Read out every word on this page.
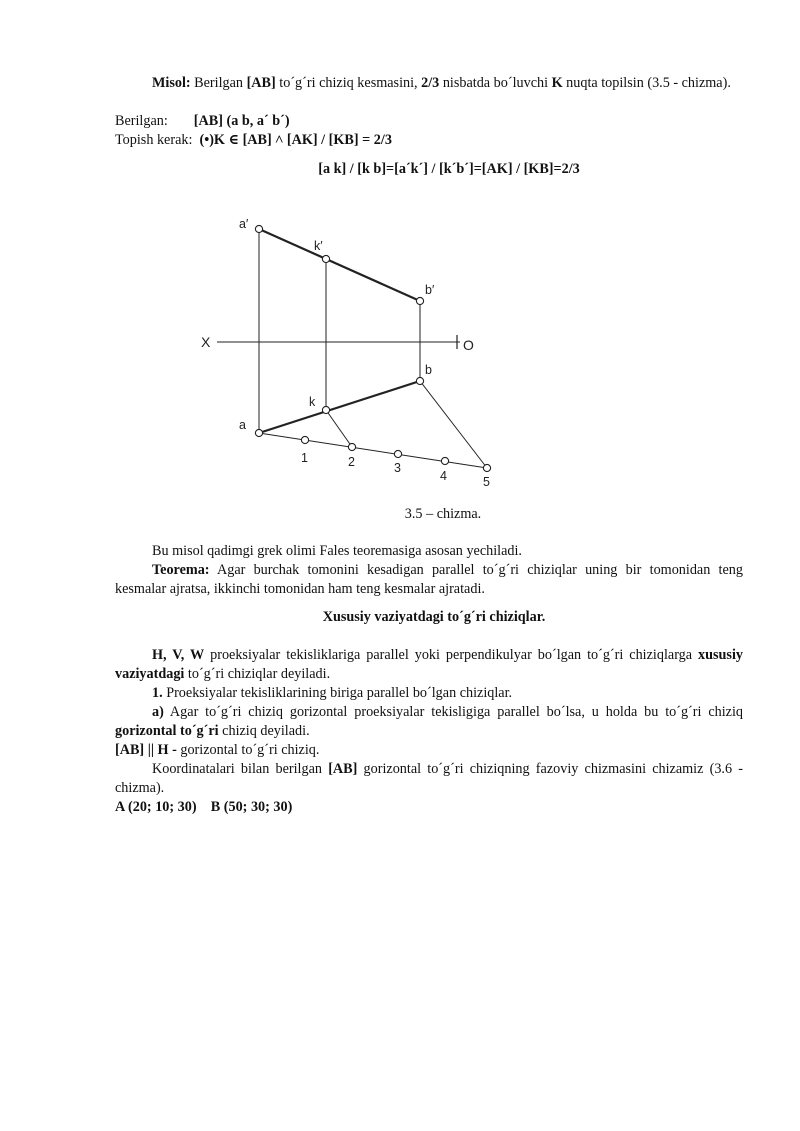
Misol: Berilgan [AB] to´g´ri chiziq kesmasini, 2/3 nisbatda bo´luvchi K nuqta topilsin (3.5 - chizma).

Berilgan: [AB] (a b, a´ b´)

Topish kerak: (•)K ∈ [AB] ˄ [AK] / [KB] = 2/3

[a k] / [k b]=[a´k´] / [k´b´]=[AK] / [KB]=2/3

a′
k′
b′
X	O
b
k
a
1	2	3
4	5

3.5 – chizma.

Bu misol qadimgi grek olimi Fales teoremasiga asosan yechiladi.

Teorema: Agar burchak tomonini kesadigan parallel to´g´ri chiziqlar uning bir tomonidan teng kesmalar ajratsa, ikkinchi tomonidan ham teng kesmalar ajratadi.

Xususiy vaziyatdagi to´g´ri chiziqlar.

H, V, W proeksiyalar tekisliklariga parallel yoki perpendikulyar bo´lgan to´g´ri chiziqlarga xususiy vaziyatdagi to´g´ri chiziqlar deyiladi.

1. Proeksiyalar tekisliklarining biriga parallel bo´lgan chiziqlar.

a) Agar to´g´ri chiziq gorizontal proeksiyalar tekisligiga parallel bo´lsa, u holda bu to´g´ri chiziq gorizontal to´g´ri chiziq deyiladi.

[AB] || H - gorizontal to´g´ri chiziq.

Koordinatalari bilan berilgan [AB] gorizontal to´g´ri chiziqning fazoviy chizmasini chizamiz (3.6 - chizma).

A (20; 10; 30)    B (50; 30; 30)
